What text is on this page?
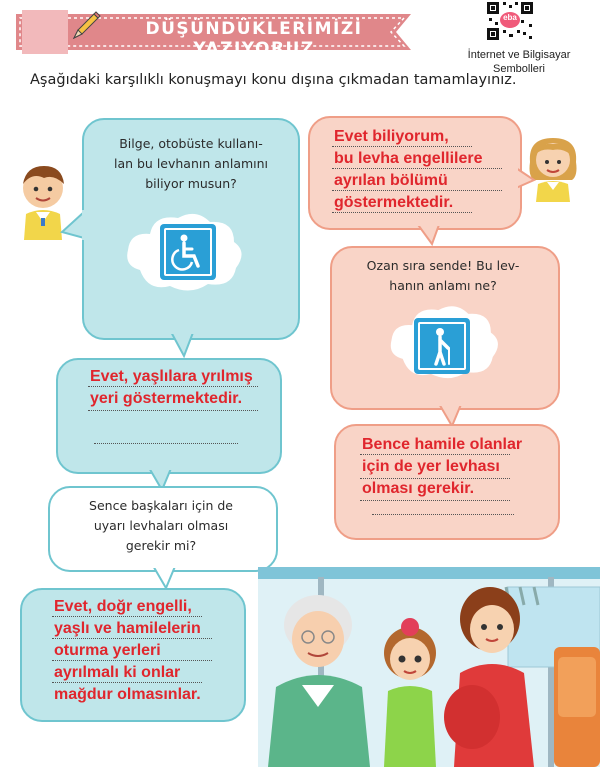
DÜŞÜNDÜKLERİMİZİ YAZIYORUZ
eba
İnternet ve Bilgisayar
Sembolleri
Aşağıdaki karşılıklı konuşmayı konu dışına çıkmadan tamamlayınız.
Bilge, otobüste kullanı-
lan bu levhanın anlamını
biliyor musun?
Evet biliyorum,
bu levha engellilere
ayrılan bölümü
göstermektedir.
Ozan sıra sende! Bu lev-
hanın anlamı ne?
Evet, yaşlılara yrılmış
yeri göstermektedir.
Bence hamile olanlar
için de yer levhası
olması gerekir.
Sence başkaları için de
uyarı levhaları olması
gerekir mi?
Evet, doğr engelli,
yaşlı ve hamilelerin
oturma yerleri
ayrılmalı ki onlar
mağdur olmasınlar.
